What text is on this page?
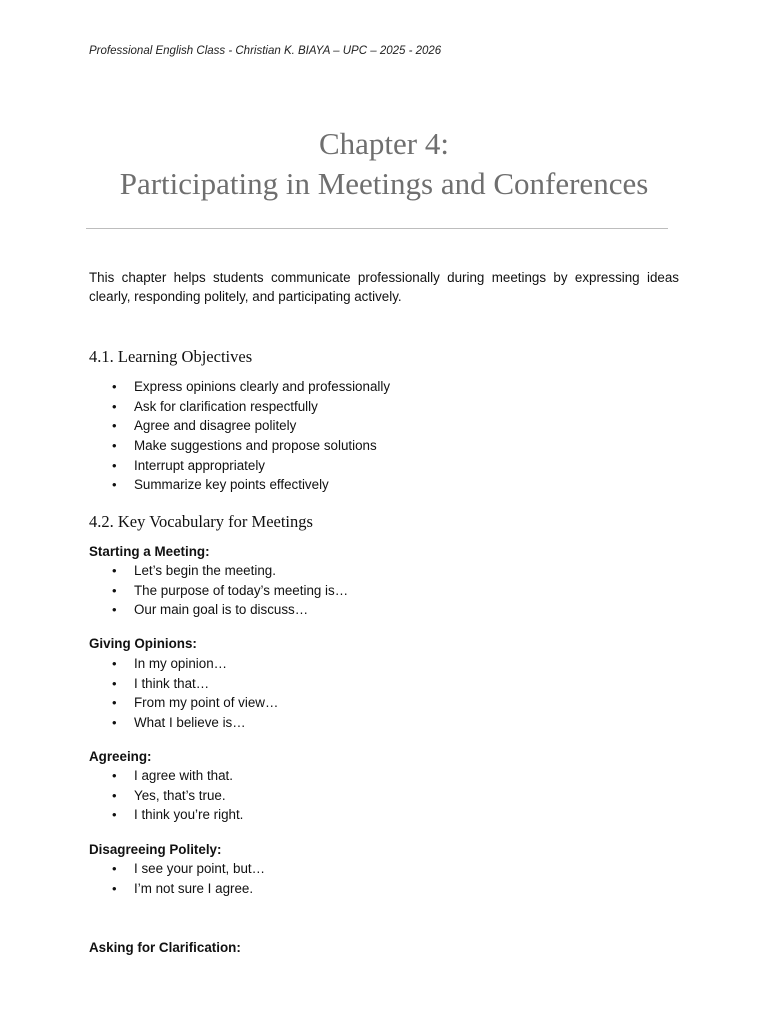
Professional English Class - Christian K. BIAYA – UPC – 2025 - 2026
Chapter 4:
Participating in Meetings and Conferences
This chapter helps students communicate professionally during meetings by expressing ideas clearly, responding politely, and participating actively.
4.1. Learning Objectives
• Express opinions clearly and professionally
• Ask for clarification respectfully
• Agree and disagree politely
• Make suggestions and propose solutions
• Interrupt appropriately
• Summarize key points effectively
4.2. Key Vocabulary for Meetings
Starting a Meeting:
• Let’s begin the meeting.
• The purpose of today’s meeting is…
• Our main goal is to discuss…
Giving Opinions:
• In my opinion…
• I think that…
• From my point of view…
• What I believe is…
Agreeing:
• I agree with that.
• Yes, that’s true.
• I think you’re right.
Disagreeing Politely:
• I see your point, but…
• I’m not sure I agree.
Asking for Clarification:
